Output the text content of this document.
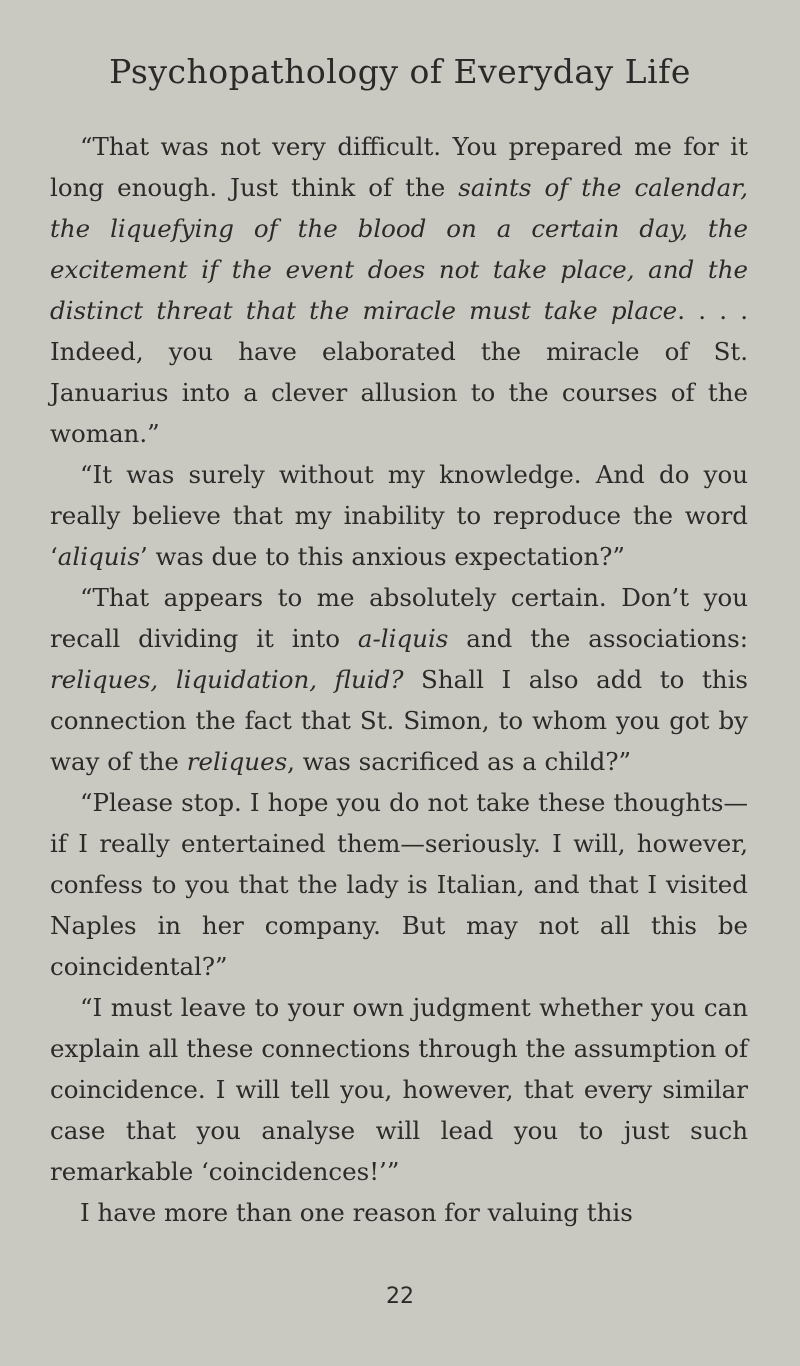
Psychopathology of Everyday Life

“That was not very difficult. You prepared me for it long enough. Just think of the saints of the calendar, the liquefying of the blood on a certain day, the excitement if the event does not take place, and the distinct threat that the miracle must take place. . . . Indeed, you have elaborated the miracle of St. Januarius into a clever allusion to the courses of the woman.”

“It was surely without my knowledge. And do you really believe that my inability to reproduce the word ‘aliquis’ was due to this anxious expectation?”

“That appears to me absolutely certain. Don’t you recall dividing it into a-liquis and the associations: reliques, liquidation, fluid? Shall I also add to this connection the fact that St. Simon, to whom you got by way of the reliques, was sacrificed as a child?”

“Please stop. I hope you do not take these thoughts—if I really entertained them—seriously. I will, however, confess to you that the lady is Italian, and that I visited Naples in her company. But may not all this be coincidental?”

“I must leave to your own judgment whether you can explain all these connections through the assumption of coincidence. I will tell you, however, that every similar case that you analyse will lead you to just such remarkable ‘coincidences!’”

I have more than one reason for valuing this

22
